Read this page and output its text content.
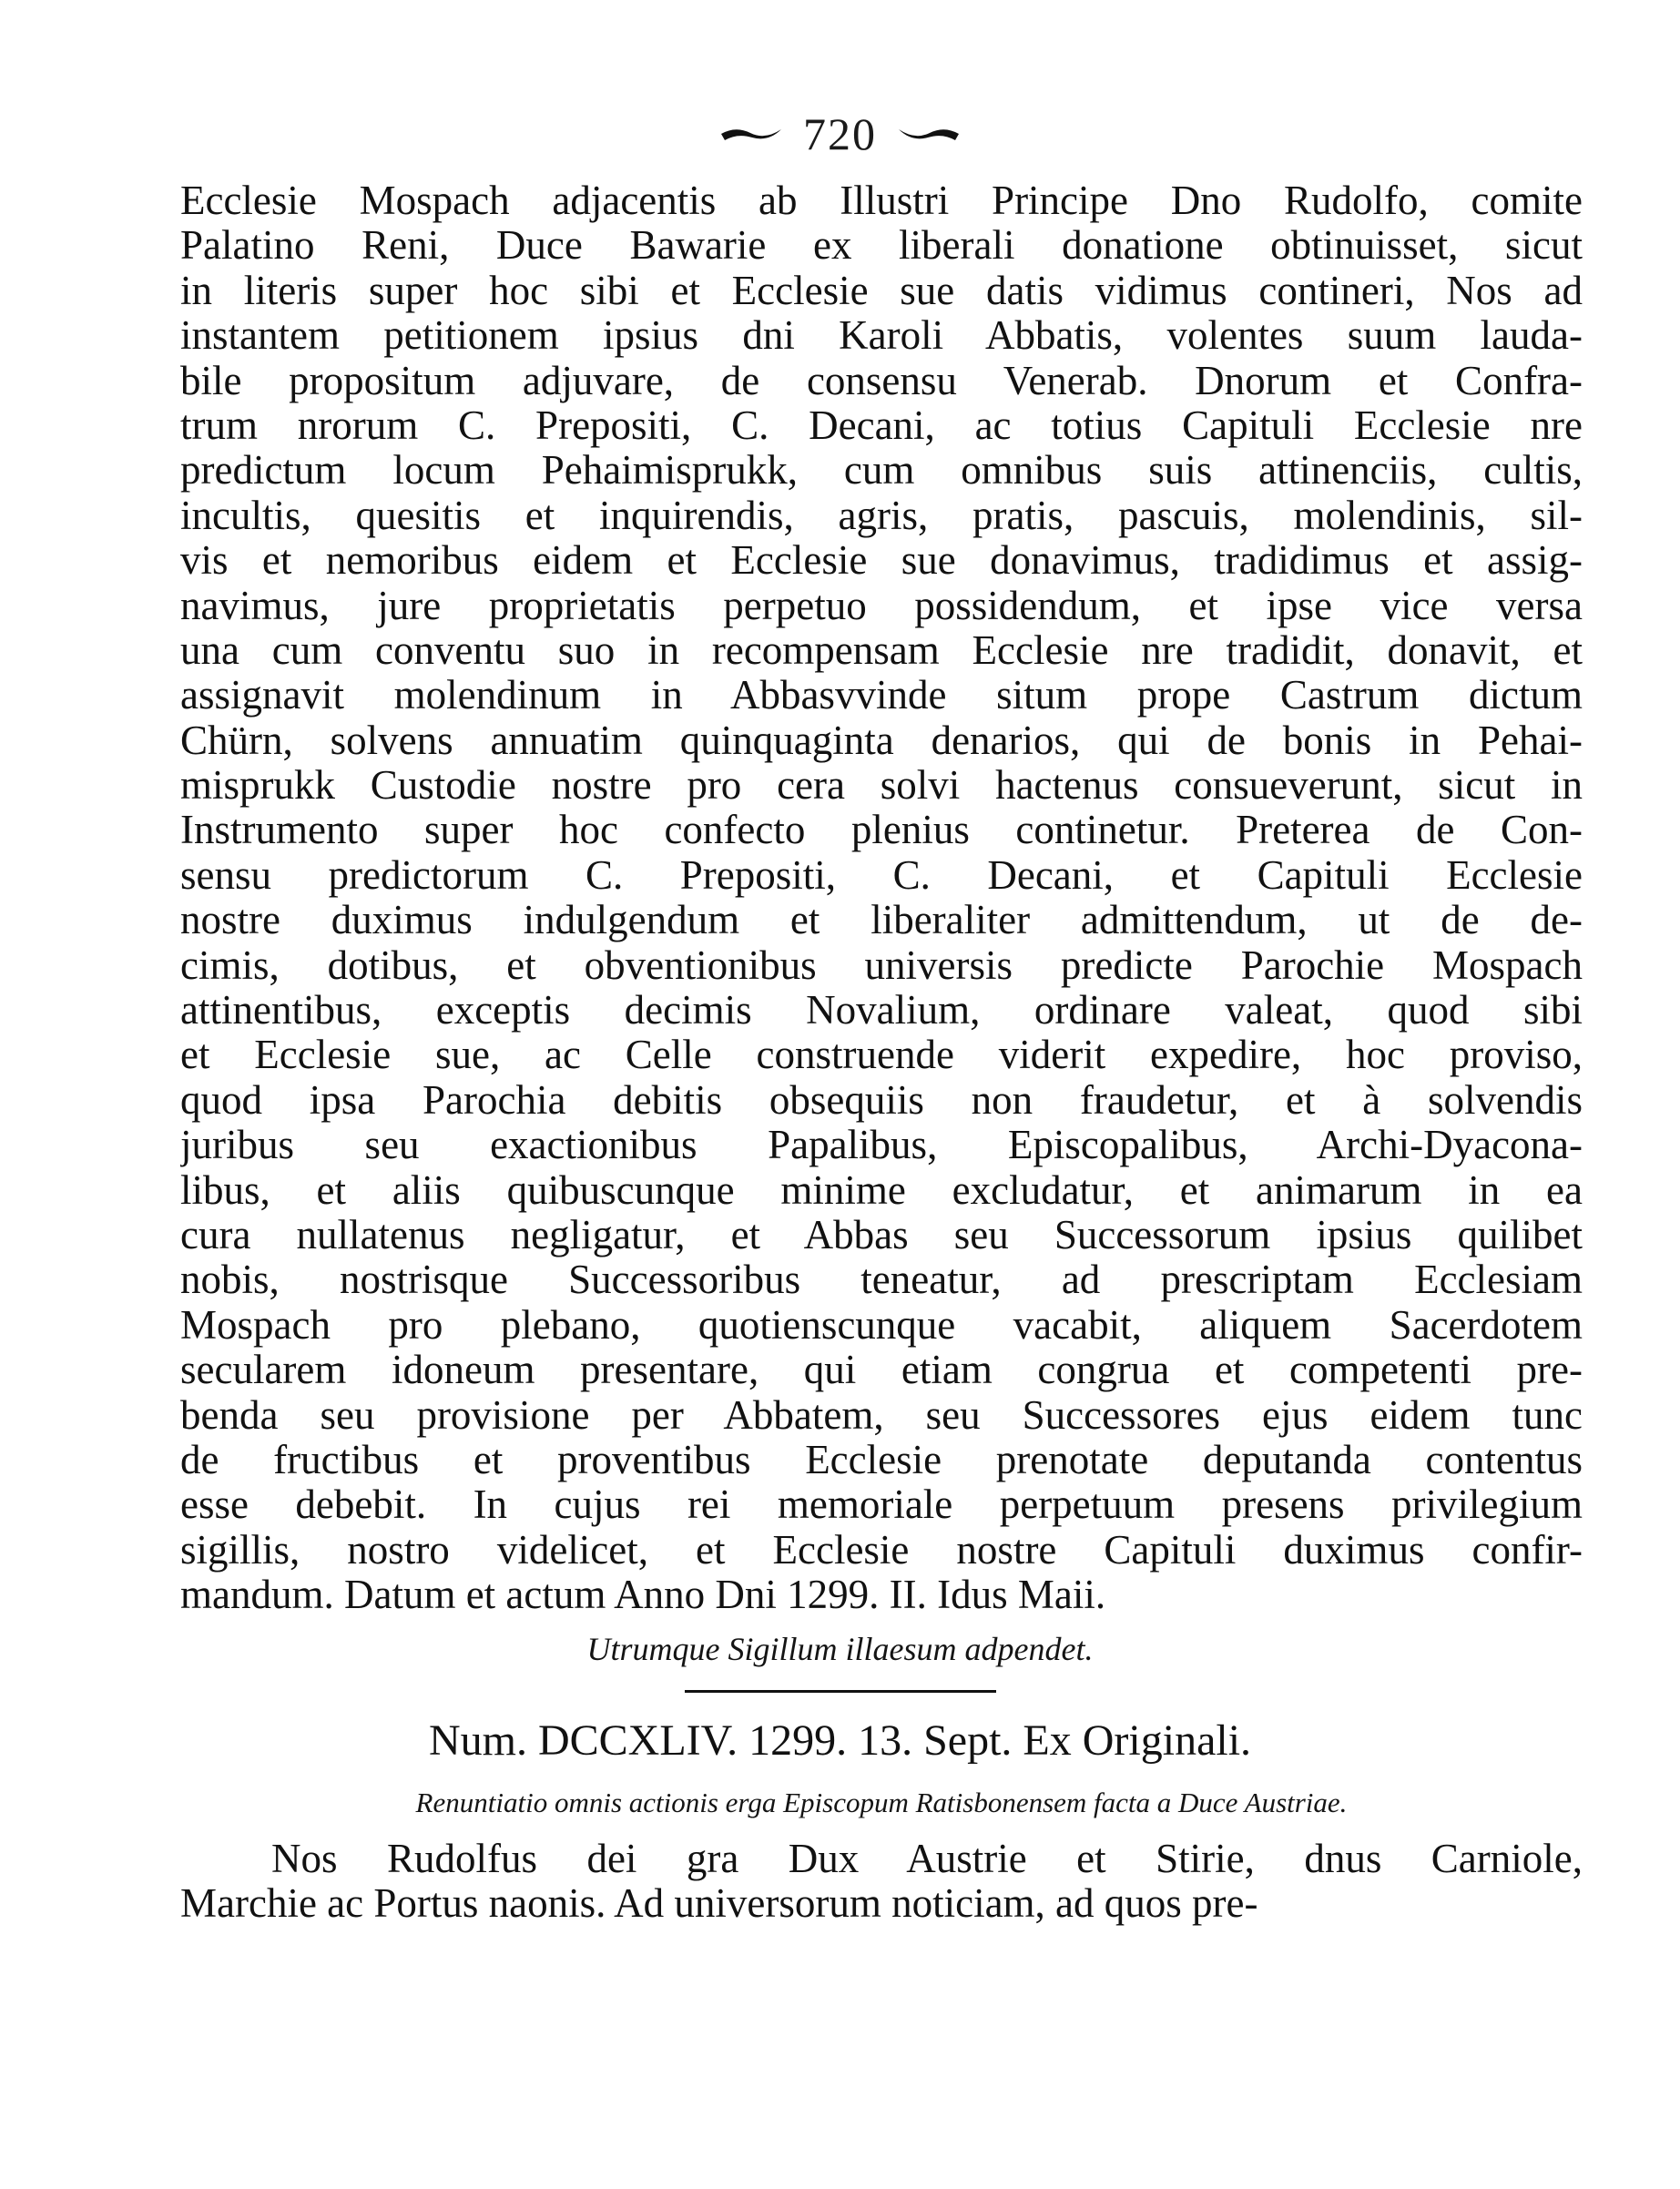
720
Ecclesie Mospach adjacentis ab Illustri Principe Dno Rudolfo, comite
Palatino Reni, Duce Bawarie ex liberali donatione obtinuisset, sicut
in literis super hoc sibi et Ecclesie sue datis vidimus contineri, Nos ad
instantem petitionem ipsius dni Karoli Abbatis, volentes suum lauda-
bile propositum adjuvare, de consensu Venerab. Dnorum et Confra-
trum nrorum C. Prepositi, C. Decani, ac totius Capituli Ecclesie nre
predictum locum Pehaimisprukk, cum omnibus suis attinenciis, cultis,
incultis, quesitis et inquirendis, agris, pratis, pascuis, molendinis, sil-
vis et nemoribus eidem et Ecclesie sue donavimus, tradidimus et assig-
navimus, jure proprietatis perpetuo possidendum, et ipse vice versa
una cum conventu suo in recompensam Ecclesie nre tradidit, donavit, et
assignavit molendinum in Abbasvvinde situm prope Castrum dictum
Chürn, solvens annuatim quinquaginta denarios, qui de bonis in Pehai-
misprukk Custodie nostre pro cera solvi hactenus consueverunt, sicut in
Instrumento super hoc confecto plenius continetur. Preterea de Con-
sensu predictorum C. Prepositi, C. Decani, et Capituli Ecclesie
nostre duximus indulgendum et liberaliter admittendum, ut de de-
cimis, dotibus, et obventionibus universis predicte Parochie Mospach
attinentibus, exceptis decimis Novalium, ordinare valeat, quod sibi
et Ecclesie sue, ac Celle construende viderit expedire, hoc proviso,
quod ipsa Parochia debitis obsequiis non fraudetur, et à solvendis
juribus seu exactionibus Papalibus, Episcopalibus, Archi-Dyacona-
libus, et aliis quibuscunque minime excludatur, et animarum in ea
cura nullatenus negligatur, et Abbas seu Successorum ipsius quilibet
nobis, nostrisque Successoribus teneatur, ad prescriptam Ecclesiam
Mospach pro plebano, quotienscunque vacabit, aliquem Sacerdotem
secularem idoneum presentare, qui etiam congrua et competenti pre-
benda seu provisione per Abbatem, seu Successores ejus eidem tunc
de fructibus et proventibus Ecclesie prenotate deputanda contentus
esse debebit. In cujus rei memoriale perpetuum presens privilegium
sigillis, nostro videlicet, et Ecclesie nostre Capituli duximus confir-
mandum. Datum et actum Anno Dni 1299. II. Idus Maii.
Utrumque Sigillum illaesum adpendet.
Num. DCCXLIV. 1299. 13. Sept. Ex Originali.
Renuntiatio omnis actionis erga Episcopum Ratisbonensem facta a Duce Austriae.
Nos Rudolfus dei gra Dux Austrie et Stirie, dnus Carniole,
Marchie ac Portus naonis. Ad universorum noticiam, ad quos pre-
